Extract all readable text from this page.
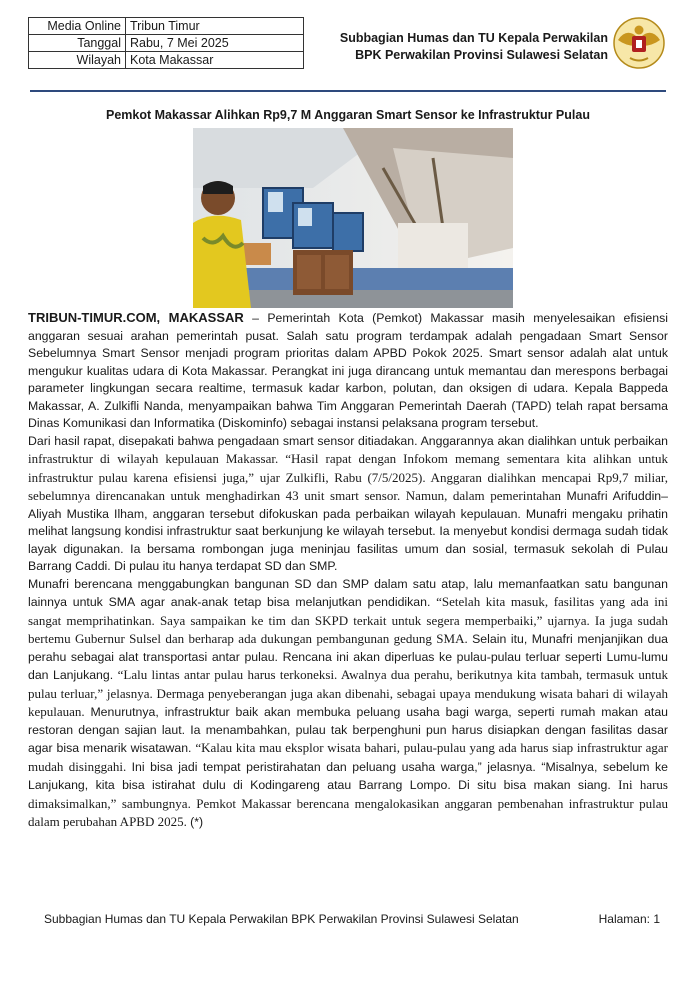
Media Online	Tribun Timur
Tanggal	Rabu, 7 Mei 2025
Wilayah	Kota Makassar
Subbagian Humas dan TU Kepala Perwakilan
BPK Perwakilan Provinsi Sulawesi Selatan
Pemkot Makassar Alihkan Rp9,7 M Anggaran Smart Sensor ke Infrastruktur Pulau

TRIBUN-TIMUR.COM, MAKASSAR – Pemerintah Kota (Pemkot) Makassar masih menyelesaikan efisiensi anggaran sesuai arahan pemerintah pusat. Salah satu program terdampak adalah pengadaan Smart Sensor Sebelumnya Smart Sensor menjadi program prioritas dalam APBD Pokok 2025. Smart sensor adalah alat untuk mengukur kualitas udara di Kota Makassar. Perangkat ini juga dirancang untuk memantau dan merespons berbagai parameter lingkungan secara realtime, termasuk kadar karbon, polutan, dan oksigen di udara. Kepala Bappeda Makassar, A. Zulkifli Nanda, menyampaikan bahwa Tim Anggaran Pemerintah Daerah (TAPD) telah rapat bersama Dinas Komunikasi dan Informatika (Diskominfo) sebagai instansi pelaksana program tersebut.

Dari hasil rapat, disepakati bahwa pengadaan smart sensor ditiadakan. Anggarannya akan dialihkan untuk perbaikan infrastruktur di wilayah kepulauan Makassar. “Hasil rapat dengan Infokom memang sementara kita alihkan untuk infrastruktur pulau karena efisiensi juga,” ujar Zulkifli, Rabu (7/5/2025). Anggaran dialihkan mencapai Rp9,7 miliar, sebelumnya direncanakan untuk menghadirkan 43 unit smart sensor. Namun, dalam pemerintahan Munafri Arifuddin–Aliyah Mustika Ilham, anggaran tersebut difokuskan pada perbaikan wilayah kepulauan. Munafri mengaku prihatin melihat langsung kondisi infrastruktur saat berkunjung ke wilayah tersebut. Ia menyebut kondisi dermaga sudah tidak layak digunakan. Ia bersama rombongan juga meninjau fasilitas umum dan sosial, termasuk sekolah di Pulau Barrang Caddi. Di pulau itu hanya terdapat SD dan SMP.

Munafri berencana menggabungkan bangunan SD dan SMP dalam satu atap, lalu memanfaatkan satu bangunan lainnya untuk SMA agar anak-anak tetap bisa melanjutkan pendidikan. “Setelah kita masuk, fasilitas yang ada ini sangat memprihatinkan. Saya sampaikan ke tim dan SKPD terkait untuk segera memperbaiki,” ujarnya. Ia juga sudah bertemu Gubernur Sulsel dan berharap ada dukungan pembangunan gedung SMA. Selain itu, Munafri menjanjikan dua perahu sebagai alat transportasi antar pulau. Rencana ini akan diperluas ke pulau-pulau terluar seperti Lumu-lumu dan Lanjukang. “Lalu lintas antar pulau harus terkoneksi. Awalnya dua perahu, berikutnya kita tambah, termasuk untuk pulau terluar,” jelasnya. Dermaga penyeberangan juga akan dibenahi, sebagai upaya mendukung wisata bahari di wilayah kepulauan. Menurutnya, infrastruktur baik akan membuka peluang usaha bagi warga, seperti rumah makan atau restoran dengan sajian laut. Ia menambahkan, pulau tak berpenghuni pun harus disiapkan dengan fasilitas dasar agar bisa menarik wisatawan. “Kalau kita mau eksplor wisata bahari, pulau-pulau yang ada harus siap infrastruktur agar mudah disinggahi. Ini bisa jadi tempat peristirahatan dan peluang usaha warga,” jelasnya. “Misalnya, sebelum ke Lanjukang, kita bisa istirahat dulu di Kodingareng atau Barrang Lompo. Di situ bisa makan siang. Ini harus dimaksimalkan,” sambungnya. Pemkot Makassar berencana mengalokasikan anggaran pembenahan infrastruktur pulau dalam perubahan APBD 2025. (*)

Subbagian Humas dan TU Kepala Perwakilan BPK Perwakilan Provinsi Sulawesi Selatan	Halaman: 1
